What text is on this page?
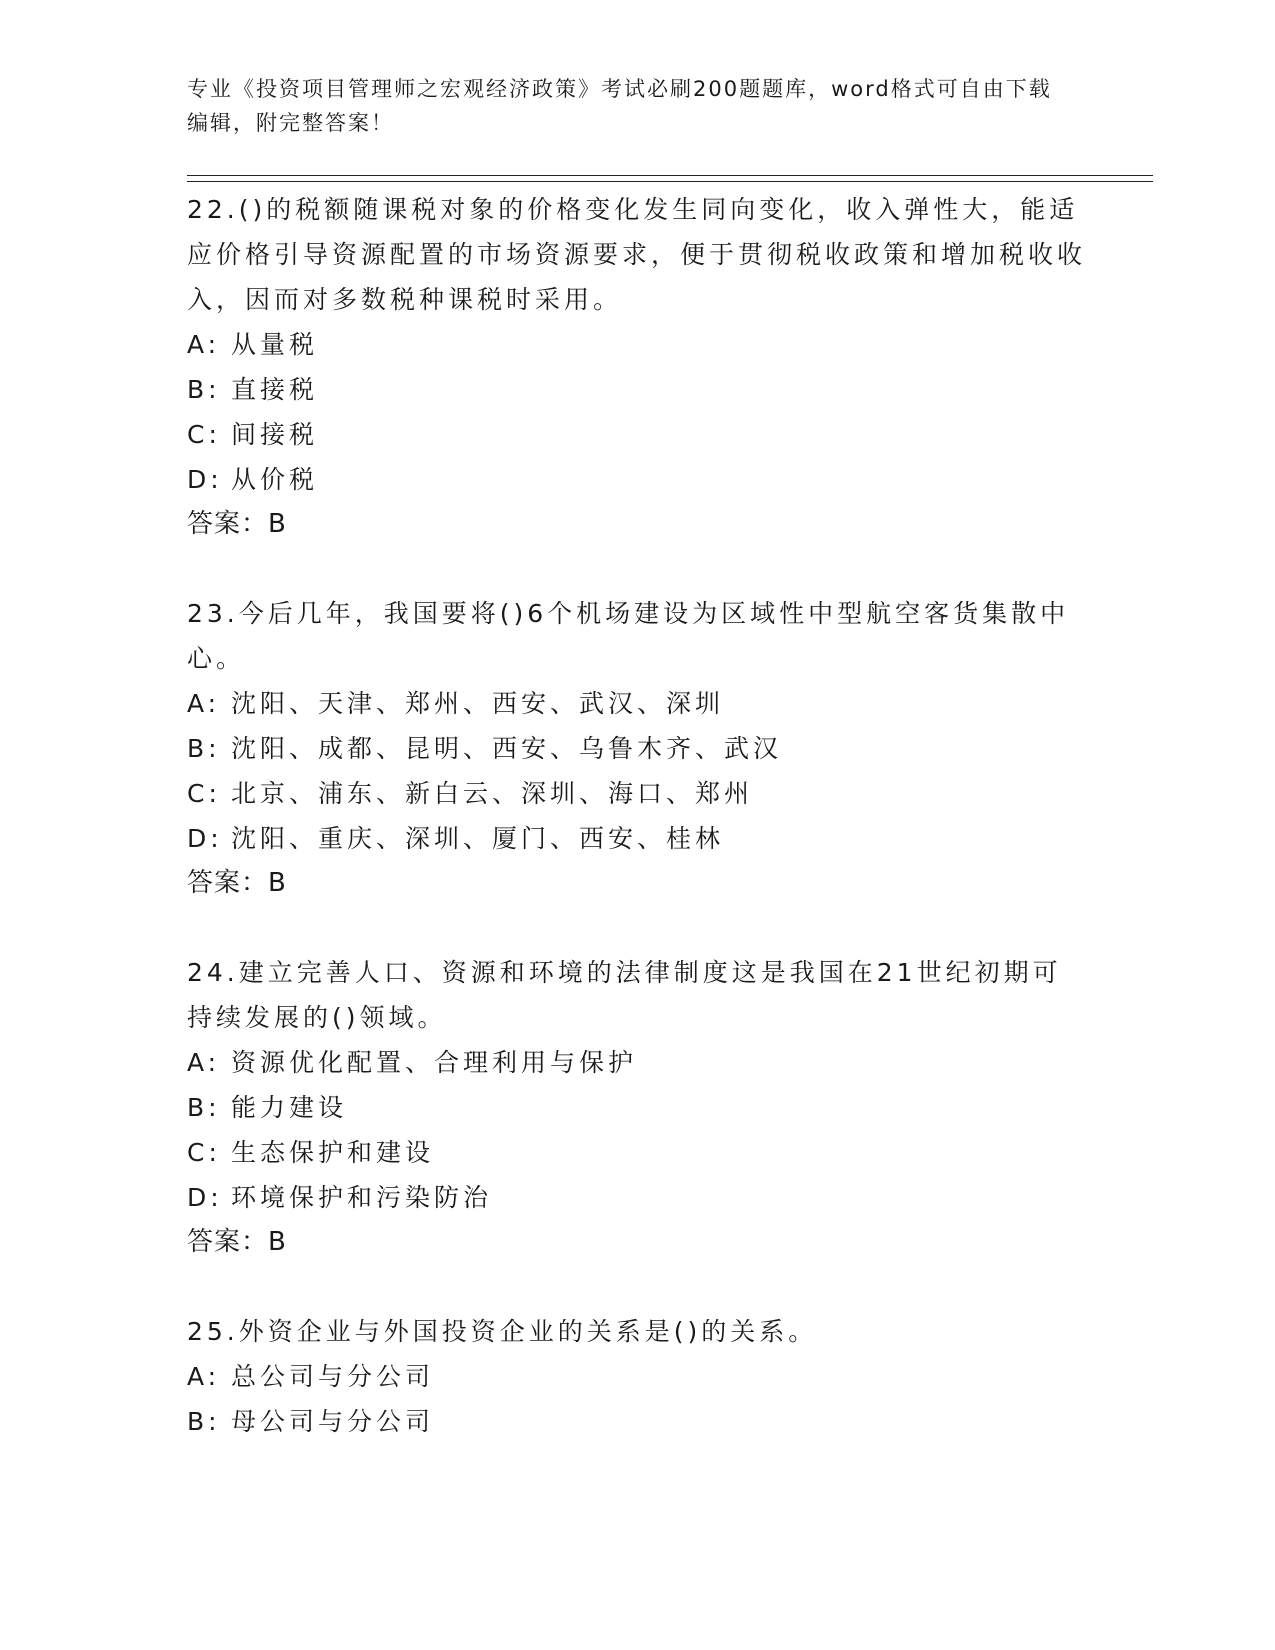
专业《投资项目管理师之宏观经济政策》考试必刷200题题库，word格式可自由下载编辑，附完整答案！

22.()的税额随课税对象的价格变化发生同向变化，收入弹性大，能适应价格引导资源配置的市场资源要求，便于贯彻税收政策和增加税收收入，因而对多数税种课税时采用。

A: 从量税

B: 直接税

C: 间接税

D: 从价税

答案：B

23.今后几年，我国要将()6个机场建设为区域性中型航空客货集散中心。

A: 沈阳、天津、郑州、西安、武汉、深圳

B: 沈阳、成都、昆明、西安、乌鲁木齐、武汉

C: 北京、浦东、新白云、深圳、海口、郑州

D: 沈阳、重庆、深圳、厦门、西安、桂林

答案：B

24.建立完善人口、资源和环境的法律制度这是我国在21世纪初期可持续发展的()领域。

A: 资源优化配置、合理利用与保护

B: 能力建设

C: 生态保护和建设

D: 环境保护和污染防治

答案：B

25.外资企业与外国投资企业的关系是()的关系。

A: 总公司与分公司

B: 母公司与分公司
